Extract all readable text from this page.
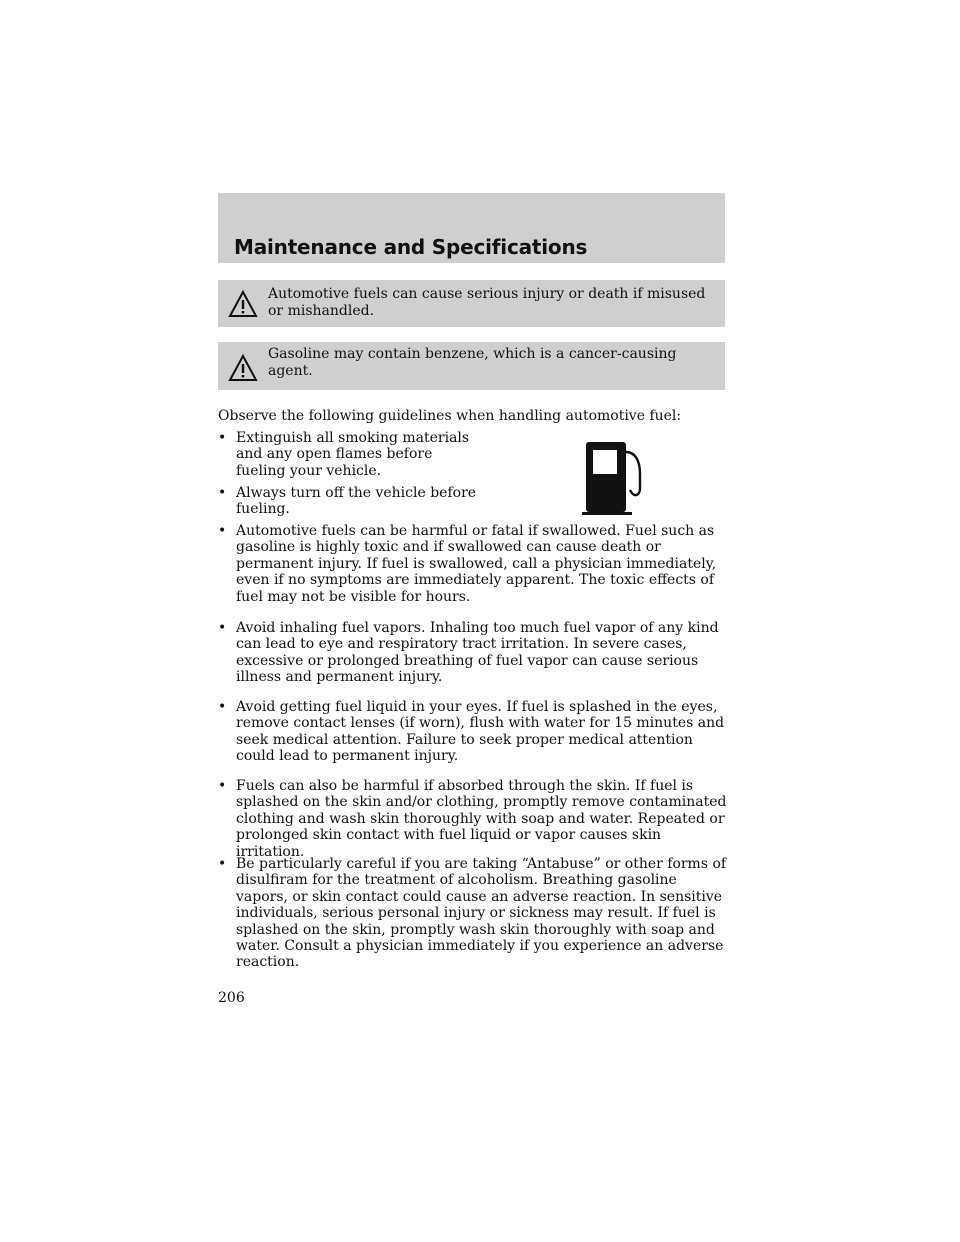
Maintenance and Specifications
Automotive fuels can cause serious injury or death if misused or mishandled.
Gasoline may contain benzene, which is a cancer-causing agent.

Observe the following guidelines when handling automotive fuel:

• Extinguish all smoking materials and any open flames before fueling your vehicle.
• Always turn off the vehicle before fueling.
• Automotive fuels can be harmful or fatal if swallowed. Fuel such as gasoline is highly toxic and if swallowed can cause death or permanent injury. If fuel is swallowed, call a physician immediately, even if no symptoms are immediately apparent. The toxic effects of fuel may not be visible for hours.
• Avoid inhaling fuel vapors. Inhaling too much fuel vapor of any kind can lead to eye and respiratory tract irritation. In severe cases, excessive or prolonged breathing of fuel vapor can cause serious illness and permanent injury.
• Avoid getting fuel liquid in your eyes. If fuel is splashed in the eyes, remove contact lenses (if worn), flush with water for 15 minutes and seek medical attention. Failure to seek proper medical attention could lead to permanent injury.
• Fuels can also be harmful if absorbed through the skin. If fuel is splashed on the skin and/or clothing, promptly remove contaminated clothing and wash skin thoroughly with soap and water. Repeated or prolonged skin contact with fuel liquid or vapor causes skin irritation.
• Be particularly careful if you are taking “Antabuse” or other forms of disulfiram for the treatment of alcoholism. Breathing gasoline vapors, or skin contact could cause an adverse reaction. In sensitive individuals, serious personal injury or sickness may result. If fuel is splashed on the skin, promptly wash skin thoroughly with soap and water. Consult a physician immediately if you experience an adverse reaction.
206
